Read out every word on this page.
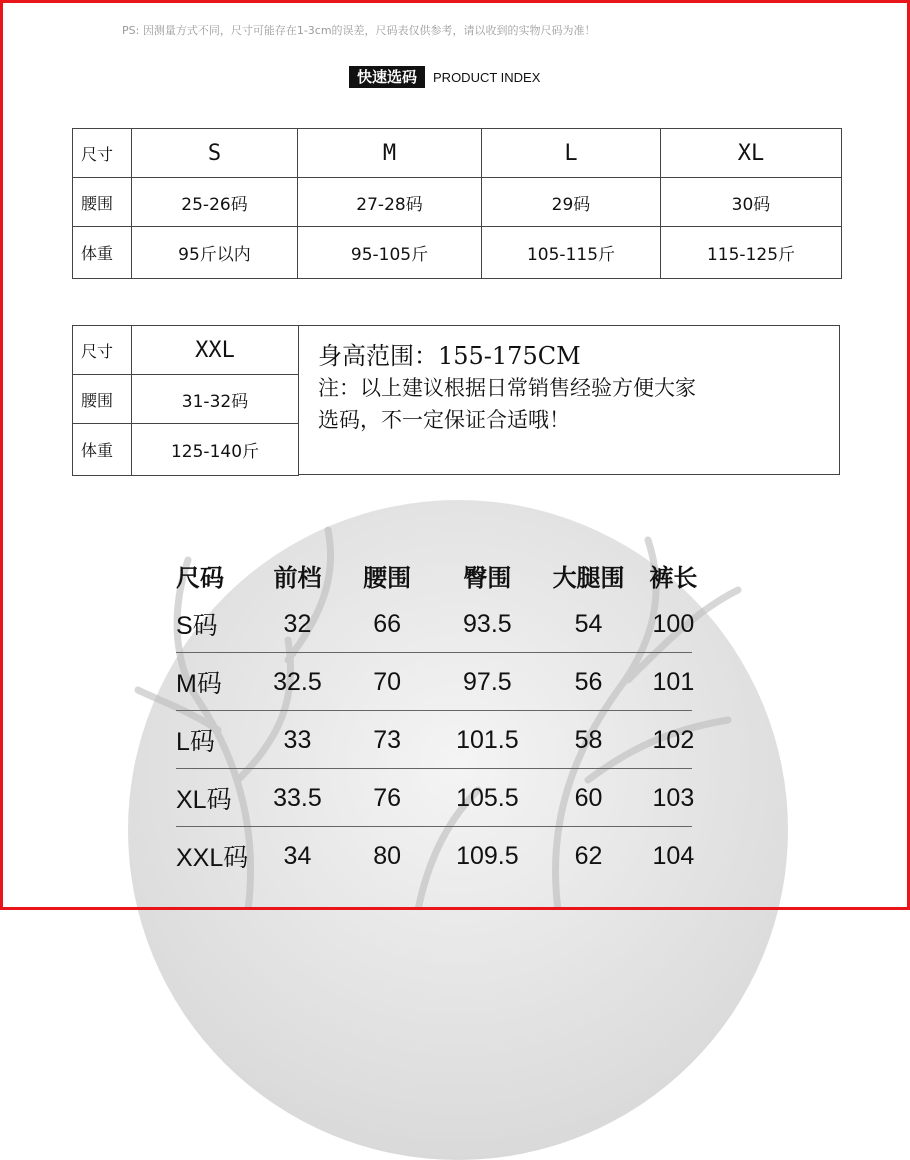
PS: 因测量方式不同，尺寸可能存在1-3cm的误差，尺码表仅供参考，请以收到的实物尺码为准！
快速选码	PRODUCT INDEX
尺寸	S	M	L	XL
腰围	25-26码	27-28码	29码	30码
体重	95斤以内	95-105斤	105-115斤	115-125斤
尺寸	XXL
腰围	31-32码
体重	125-140斤
身高范围：155-175CM
注：以上建议根据日常销售经验方便大家
选码，不一定保证合适哦！
尺码	前档	腰围	臀围	大腿围	裤长
S码	32	66	93.5	54	100
M码	32.5	70	97.5	56	101
L码	33	73	101.5	58	102
XL码	33.5	76	105.5	60	103
XXL码	34	80	109.5	62	104
